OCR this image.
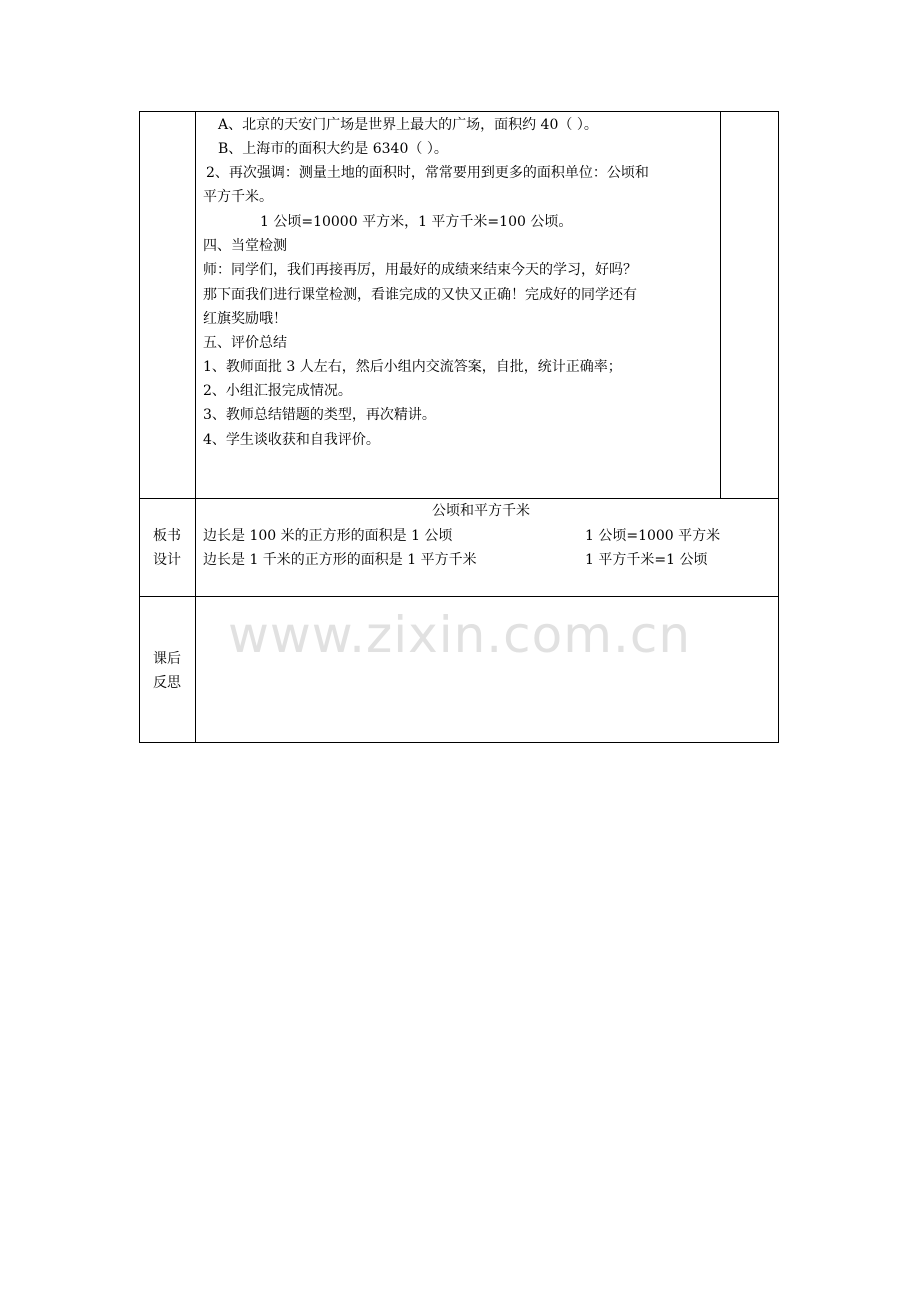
A、北京的天安门广场是世界上最大的广场，面积约 40（ ）。
B、上海市的面积大约是 6340（ ）。
2、再次强调：测量土地的面积时，常常要用到更多的面积单位：公顷和
平方千米。
1 公顷=10000 平方米，1 平方千米=100 公顷。
四、当堂检测
师：同学们，我们再接再厉，用最好的成绩来结束今天的学习，好吗？
那下面我们进行课堂检测，看谁完成的又快又正确！完成好的同学还有
红旗奖励哦！
五、评价总结
1、教师面批 3 人左右，然后小组内交流答案，自批，统计正确率；
2、小组汇报完成情况。
3、教师总结错题的类型，再次精讲。
4、学生谈收获和自我评价。
板书
设计
公顷和平方千米
边长是 100 米的正方形的面积是 1 公顷	1 公顷=1000 平方米
边长是 1 千米的正方形的面积是 1 平方千米	1 平方千米=1 公顷
课后
反思
www.zixin.com.cn
